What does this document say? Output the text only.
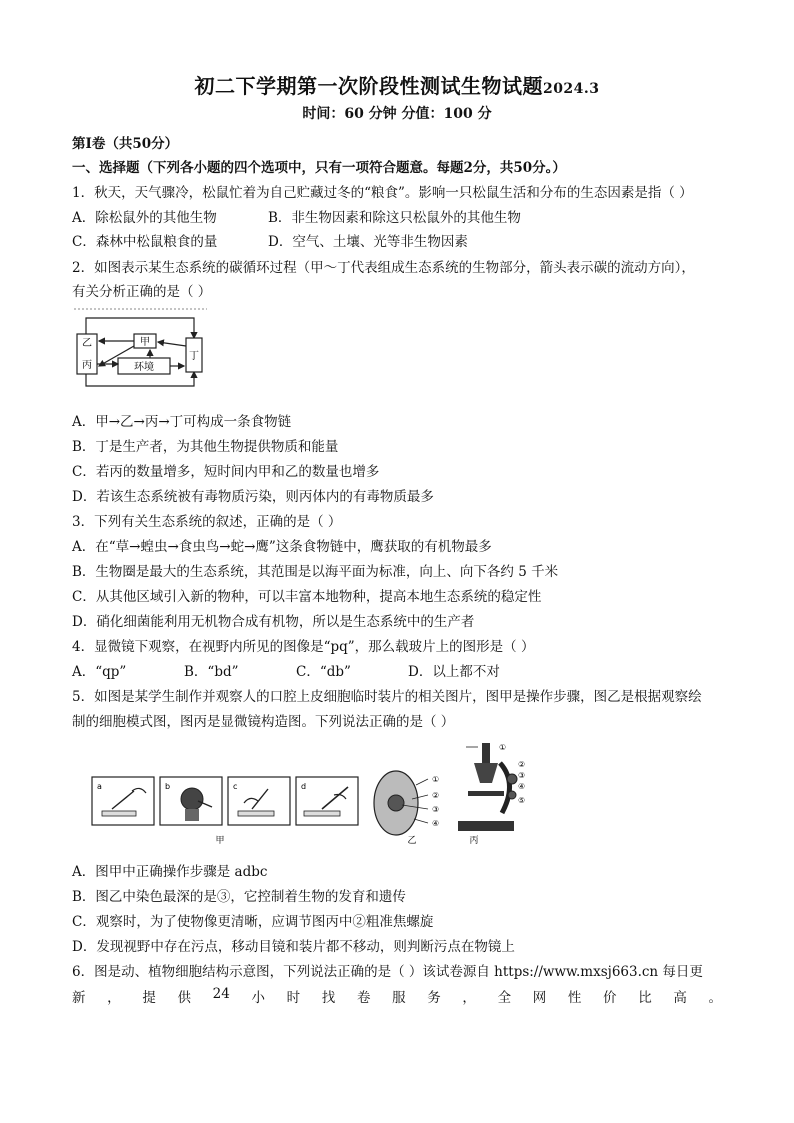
初二下学期第一次阶段性测试生物试题2024.3
时间：60 分钟 分值：100 分
第Ⅰ卷（共50分）
一、选择题（下列各小题的四个选项中，只有一项符合题意。每题2分，共50分。）
1．秋天，天气骤冷，松鼠忙着为自己贮藏过冬的“粮食”。影响一只松鼠生活和分布的生态因素是指（ ）
A．除松鼠外的其他生物	B．非生物因素和除这只松鼠外的其他生物
C．森林中松鼠粮食的量	D．空气、土壤、光等非生物因素
2．如图表示某生态系统的碳循环过程（甲～丁代表组成生态系统的生物部分，箭头表示碳的流动方向），
有关分析正确的是（ ）
乙
丙
甲
环境
丁
A．甲→乙→丙→丁可构成一条食物链
B．丁是生产者，为其他生物提供物质和能量
C．若丙的数量增多，短时间内甲和乙的数量也增多
D．若该生态系统被有毒物质污染，则丙体内的有毒物质最多
3．下列有关生态系统的叙述，正确的是（ ）
A．在“草→蝗虫→食虫鸟→蛇→鹰”这条食物链中，鹰获取的有机物最多
B．生物圈是最大的生态系统，其范围是以海平面为标准，向上、向下各约 5 千米
C．从其他区域引入新的物种，可以丰富本地物种，提高本地生态系统的稳定性
D．硝化细菌能利用无机物合成有机物，所以是生态系统中的生产者
4．显微镜下观察，在视野内所见的图像是“pq”，那么载玻片上的图形是（ ）
A．“qp”	B．“bd”	C．“db”	D．以上都不对
5．如图是某学生制作并观察人的口腔上皮细胞临时装片的相关图片，图甲是操作步骤，图乙是根据观察绘
制的细胞模式图，图丙是显微镜构造图。下列说法正确的是（ ）
a	b	c	d
甲
①
②
③
④
乙
①
②
③
④
⑤
丙
A．图甲中正确操作步骤是 adbc
B．图乙中染色最深的是③，它控制着生物的发育和遗传
C．观察时，为了使物像更清晰，应调节图丙中②粗准焦螺旋
D．发现视野中存在污点，移动目镜和装片都不移动，则判断污点在物镜上
6．图是动、植物细胞结构示意图，下列说法正确的是（ ）该试卷源自 https://www.mxsj663.cn 每日更
新 ， 提 供 24 小 时 找 卷 服 务 ， 全 网 性 价 比 高 。
